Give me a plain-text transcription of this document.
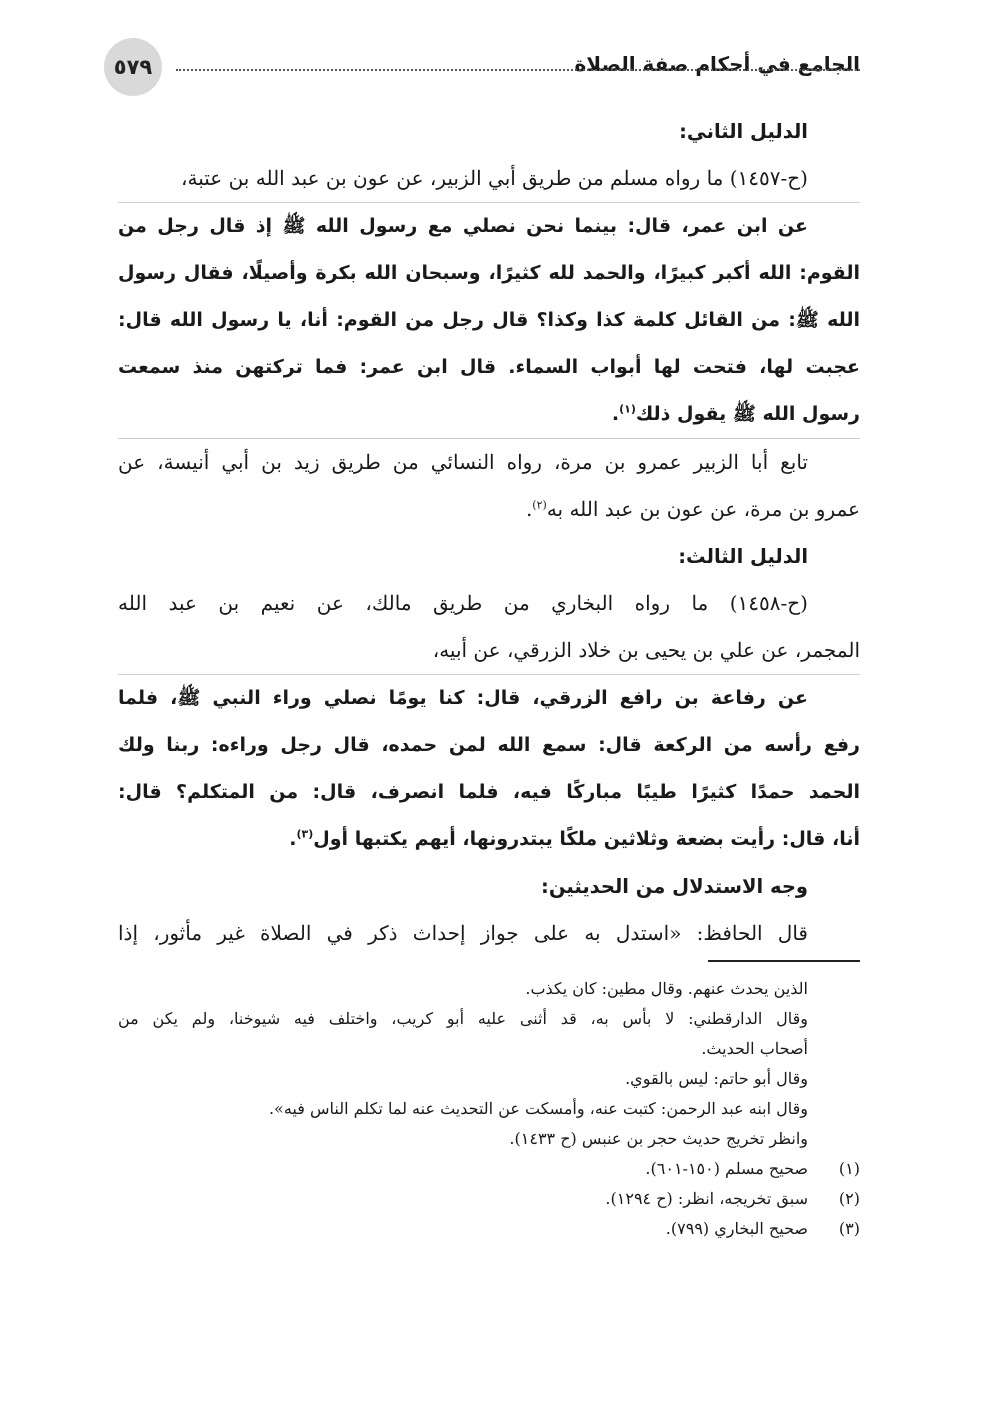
الجامع في أحكام صفة الصلاة
٥٧٩
الدليل الثاني:
(ح-١٤٥٧) ما رواه مسلم من طريق أبي الزبير، عن عون بن عبد الله بن عتبة،
عن ابن عمر، قال: بينما نحن نصلي مع رسول الله ﷺ إذ قال رجل من
القوم: الله أكبر كبيرًا، والحمد لله كثيرًا، وسبحان الله بكرة وأصيلًا، فقال رسول
الله ﷺ: من القائل كلمة كذا وكذا؟ قال رجل من القوم: أنا، يا رسول الله قال:
عجبت لها، فتحت لها أبواب السماء. قال ابن عمر: فما تركتهن منذ سمعت
رسول الله ﷺ يقول ذلك$^{(١)}$.
تابع أبا الزبير عمرو بن مرة، رواه النسائي من طريق زيد بن أبي أنيسة، عن
عمرو بن مرة، عن عون بن عبد الله به$^{(٢)}$.
الدليل الثالث:
(ح-١٤٥٨) ما رواه البخاري من طريق مالك، عن نعيم بن عبد الله
المجمر، عن علي بن يحيى بن خلاد الزرقي، عن أبيه،
عن رفاعة بن رافع الزرقي، قال: كنا يومًا نصلي وراء النبي ﷺ، فلما
رفع رأسه من الركعة قال: سمع الله لمن حمده، قال رجل وراءه: ربنا ولك
الحمد حمدًا كثيرًا طيبًا مباركًا فيه، فلما انصرف، قال: من المتكلم؟ قال:
أنا، قال: رأيت بضعة وثلاثين ملكًا يبتدرونها، أيهم يكتبها أول$^{(٣)}$.
وجه الاستدلال من الحديثين:
قال الحافظ: «استدل به على جواز إحداث ذكر في الصلاة غير مأثور، إذا
الذين يحدث عنهم. وقال مطين: كان يكذب.
وقال الدارقطني: لا بأس به، قد أثنى عليه أبو كريب، واختلف فيه شيوخنا، ولم يكن من
أصحاب الحديث.
وقال أبو حاتم: ليس بالقوي.
وقال ابنه عبد الرحمن: كتبت عنه، وأمسكت عن التحديث عنه لما تكلم الناس فيه».
وانظر تخريج حديث حجر بن عنبس (ح ١٤٣٣).
(١)صحيح مسلم (١٥٠-٦٠١).
(٢)سبق تخريجه، انظر: (ح ١٢٩٤).
(٣)صحيح البخاري (٧٩٩).
